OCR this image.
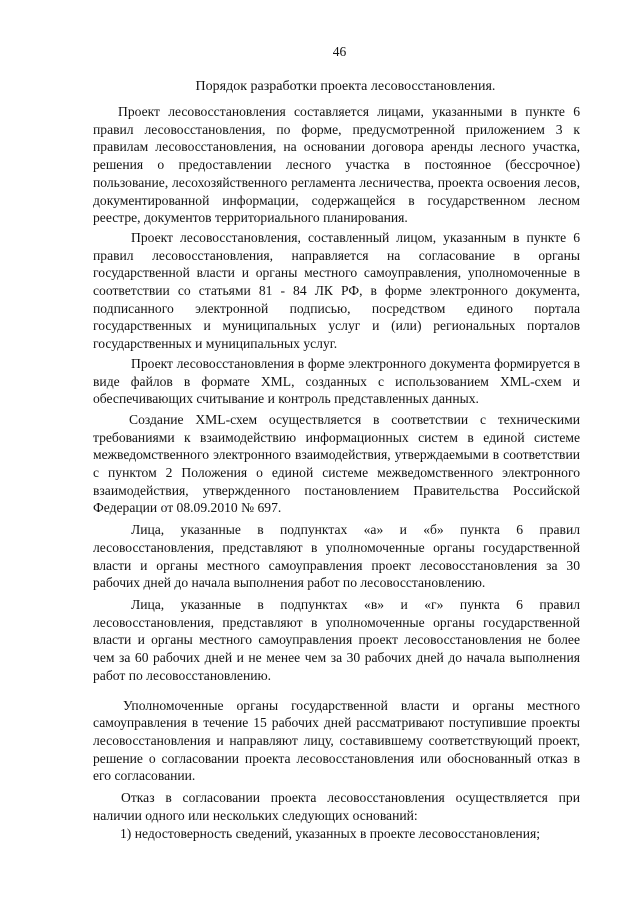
46
Порядок разработки проекта лесовосстановления.

Проект лесовосстановления составляется лицами, указанными в пункте 6 правил лесовосстановления, по форме, предусмотренной приложением 3 к правилам лесовосстановления, на основании договора аренды лесного участка, решения о предоставлении лесного участка в постоянное (бессрочное) пользование, лесохозяйственного регламента лесничества, проекта освоения лесов, документированной информации, содержащейся в государственном лесном реестре, документов территориального планирования.

Проект лесовосстановления, составленный лицом, указанным в пункте 6 правил лесовосстановления, направляется на согласование в органы государственной власти и органы местного самоуправления, уполномоченные в соответствии со статьями 81 - 84 ЛК РФ, в форме электронного документа, подписанного электронной подписью, посредством единого портала государственных и муниципальных услуг и (или) региональных порталов государственных и муниципальных услуг.

Проект лесовосстановления в форме электронного документа формируется в виде файлов в формате XML, созданных с использованием XML-схем и обеспечивающих считывание и контроль представленных данных.

Создание XML-схем осуществляется в соответствии с техническими требованиями к взаимодействию информационных систем в единой системе межведомственного электронного взаимодействия, утверждаемыми в соответствии с пунктом 2 Положения о единой системе межведомственного электронного взаимодействия, утвержденного постановлением Правительства Российской Федерации от 08.09.2010 № 697.

Лица, указанные в подпунктах «а» и «б» пункта 6 правил лесовосстановления, представляют в уполномоченные органы государственной власти и органы местного самоуправления проект лесовосстановления за 30 рабочих дней до начала выполнения работ по лесовосстановлению.

Лица, указанные в подпунктах «в» и «г» пункта 6 правил лесовосстановления, представляют в уполномоченные органы государственной власти и органы местного самоуправления проект лесовосстановления не более чем за 60 рабочих дней и не менее чем за 30 рабочих дней до начала выполнения работ по лесовосстановлению.

Уполномоченные органы государственной власти и органы местного самоуправления в течение 15 рабочих дней рассматривают поступившие проекты лесовосстановления и направляют лицу, составившему соответствующий проект, решение о согласовании проекта лесовосстановления или обоснованный отказ в его согласовании.

Отказ в согласовании проекта лесовосстановления осуществляется при наличии одного или нескольких следующих оснований:

1) недостоверность сведений, указанных в проекте лесовосстановления;
